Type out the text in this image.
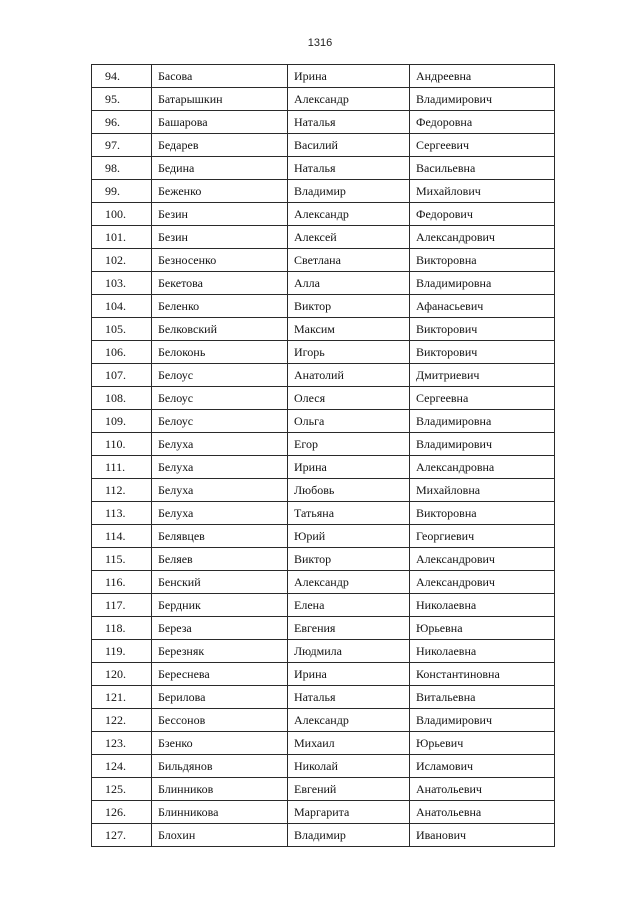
1316
94.	Басова	Ирина	Андреевна
95.	Батарышкин	Александр	Владимирович
96.	Башарова	Наталья	Федоровна
97.	Бедарев	Василий	Сергеевич
98.	Бедина	Наталья	Васильевна
99.	Беженко	Владимир	Михайлович
100.	Безин	Александр	Федорович
101.	Безин	Алексей	Александрович
102.	Безносенко	Светлана	Викторовна
103.	Бекетова	Алла	Владимировна
104.	Беленко	Виктор	Афанасьевич
105.	Белковский	Максим	Викторович
106.	Белоконь	Игорь	Викторович
107.	Белоус	Анатолий	Дмитриевич
108.	Белоус	Олеся	Сергеевна
109.	Белоус	Ольга	Владимировна
110.	Белуха	Егор	Владимирович
111.	Белуха	Ирина	Александровна
112.	Белуха	Любовь	Михайловна
113.	Белуха	Татьяна	Викторовна
114.	Белявцев	Юрий	Георгиевич
115.	Беляев	Виктор	Александрович
116.	Бенский	Александр	Александрович
117.	Бердник	Елена	Николаевна
118.	Береза	Евгения	Юрьевна
119.	Березняк	Людмила	Николаевна
120.	Береснева	Ирина	Константиновна
121.	Берилова	Наталья	Витальевна
122.	Бессонов	Александр	Владимирович
123.	Бзенко	Михаил	Юрьевич
124.	Бильдянов	Николай	Исламович
125.	Блинников	Евгений	Анатольевич
126.	Блинникова	Маргарита	Анатольевна
127.	Блохин	Владимир	Иванович
